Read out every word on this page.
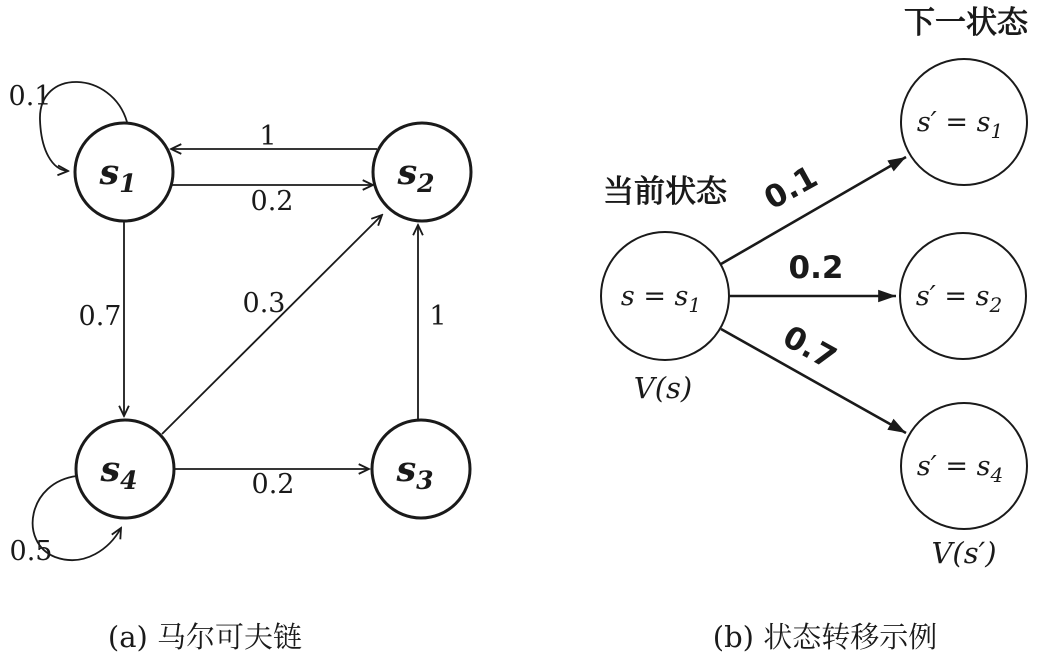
0.1
0.5
1
0.2
0.7	0.3	1
0.2
$s_1$	$s_2$
$s_3$
$s_4$
(a) 马尔可夫链
下一状态
当前状态 0.1
0.2
0.7
$s = s_1$
V(s)
$s' = s_1$
$s' = s_2$
$s' = s_4$
V(s′)
(b) 状态转移示例
